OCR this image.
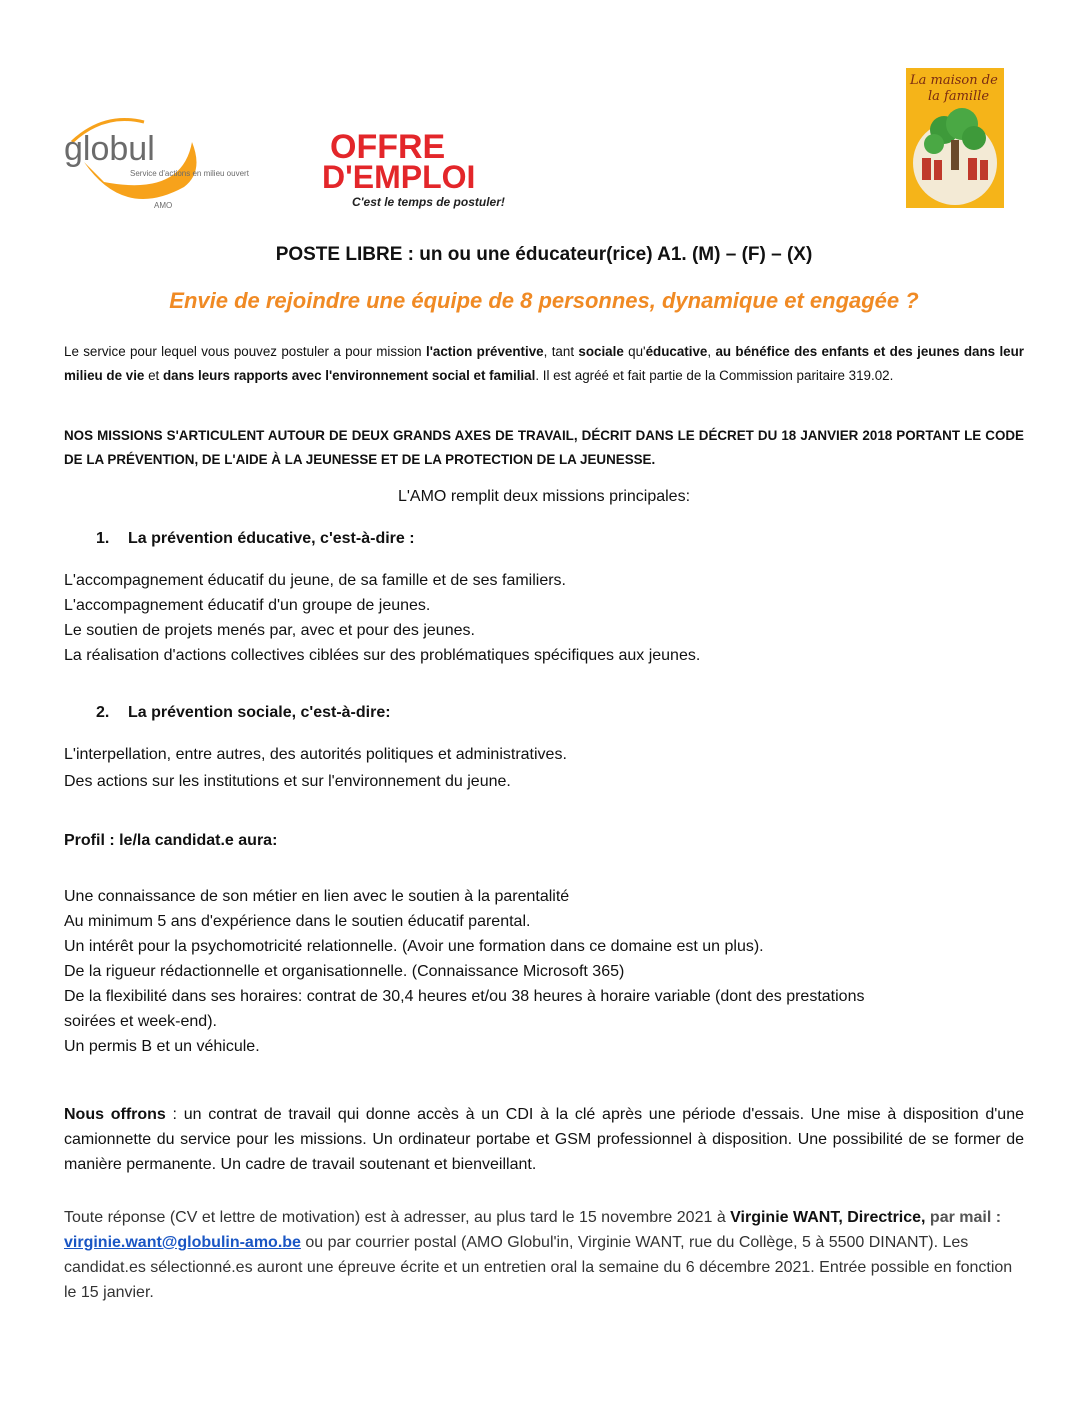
globul
Service d'actions en milieu ouvert
AMO
OFFRE
D'EMPLOI
C'est le temps de postuler!
La maison de
la famille
POSTE LIBRE : un ou une éducateur(rice) A1. (M) – (F) – (X)
Envie de rejoindre une équipe de 8 personnes, dynamique et engagée ?
Le service pour lequel vous pouvez postuler a pour mission l'action préventive, tant sociale qu'éducative, au bénéfice des enfants et des jeunes dans leur milieu de vie et dans leurs rapports avec l'environnement social et familial. Il est agréé et fait partie de la Commission paritaire 319.02.
NOS MISSIONS S'ARTICULENT AUTOUR DE DEUX GRANDS AXES DE TRAVAIL, DÉCRIT DANS LE DÉCRET DU 18 JANVIER 2018 PORTANT LE CODE DE LA PRÉVENTION, DE L'AIDE À LA JEUNESSE ET DE LA PROTECTION DE LA JEUNESSE.
L'AMO remplit deux missions principales:
1. La prévention éducative, c'est-à-dire :
L'accompagnement éducatif du jeune, de sa famille et de ses familiers.
L'accompagnement éducatif d'un groupe de jeunes.
Le soutien de projets menés par, avec et pour des jeunes.
La réalisation d'actions collectives ciblées sur des problématiques spécifiques aux jeunes.
2. La prévention sociale, c'est-à-dire:
L'interpellation, entre autres, des autorités politiques et administratives.
Des actions sur les institutions et sur l'environnement du jeune.
Profil : le/la candidat.e aura:
Une connaissance de son métier en lien avec le soutien à la parentalité
Au minimum 5 ans d'expérience dans le soutien éducatif parental.
Un intérêt pour la psychomotricité relationnelle. (Avoir une formation dans ce domaine est un plus).
De la rigueur rédactionnelle et organisationnelle. (Connaissance Microsoft 365)
De la flexibilité dans ses horaires: contrat de 30,4 heures et/ou 38 heures à horaire variable (dont des prestations
soirées et week-end).
Un permis B et un véhicule.
Nous offrons : un contrat de travail qui donne accès à un CDI à la clé après une période d'essais. Une mise à disposition d'une camionnette du service pour les missions. Un ordinateur portabe et GSM professionnel à disposition. Une possibilité de se former de manière permanente. Un cadre de travail soutenant et bienveillant.
Toute réponse (CV et lettre de motivation) est à adresser, au plus tard le 15 novembre 2021 à Virginie WANT, Directrice, par mail : virginie.want@globulin-amo.be ou par courrier postal (AMO Globul'in, Virginie WANT, rue du Collège, 5 à 5500 DINANT). Les candidat.es sélectionné.es auront une épreuve écrite et un entretien oral la semaine du 6 décembre 2021. Entrée possible en fonction le 15 janvier.
